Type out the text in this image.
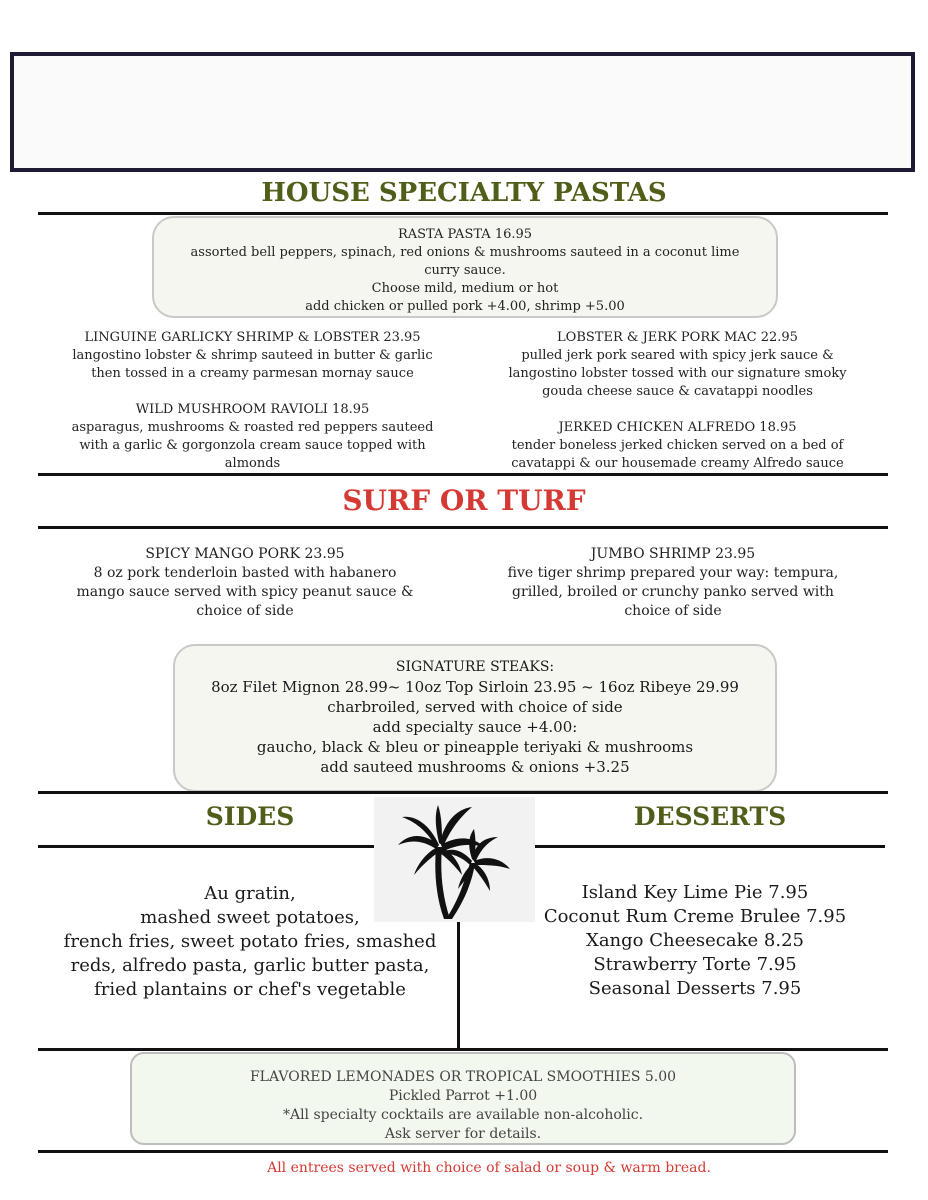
HOUSE SPECIALTY PASTAS
RASTA PASTA 16.95
assorted bell peppers, spinach, red onions & mushrooms sauteed in a coconut lime
curry sauce.
Choose mild, medium or hot
add chicken or pulled pork +4.00, shrimp +5.00
LINGUINE GARLICKY SHRIMP & LOBSTER 23.95
langostino lobster & shrimp sauteed in butter & garlic
then tossed in a creamy parmesan mornay sauce
WILD MUSHROOM RAVIOLI 18.95
asparagus, mushrooms & roasted red peppers sauteed
with a garlic & gorgonzola cream sauce topped with
almonds
LOBSTER & JERK PORK MAC 22.95
pulled jerk pork seared with spicy jerk sauce &
langostino lobster tossed with our signature smoky
gouda cheese sauce & cavatappi noodles
JERKED CHICKEN ALFREDO 18.95
tender boneless jerked chicken served on a bed of
cavatappi & our housemade creamy Alfredo sauce
SURF OR TURF
SPICY MANGO PORK 23.95
8 oz pork tenderloin basted with habanero
mango sauce served with spicy peanut sauce &
choice of side
JUMBO SHRIMP 23.95
five tiger shrimp prepared your way: tempura,
grilled, broiled or crunchy panko served with
choice of side
SIGNATURE STEAKS:
8oz Filet Mignon 28.99~ 10oz Top Sirloin 23.95 ~ 16oz Ribeye 29.99
charbroiled, served with choice of side
add specialty sauce +4.00:
gaucho, black & bleu or pineapple teriyaki & mushrooms
add sauteed mushrooms & onions +3.25
SIDES	DESSERTS
Au gratin,
mashed sweet potatoes,
french fries, sweet potato fries, smashed
reds, alfredo pasta, garlic butter pasta,
fried plantains or chef's vegetable
Island Key Lime Pie 7.95
Coconut Rum Creme Brulee 7.95
Xango Cheesecake 8.25
Strawberry Torte 7.95
Seasonal Desserts 7.95
FLAVORED LEMONADES OR TROPICAL SMOOTHIES 5.00
Pickled Parrot +1.00
*All specialty cocktails are available non-alcoholic.
Ask server for details.
All entrees served with choice of salad or soup & warm bread.
